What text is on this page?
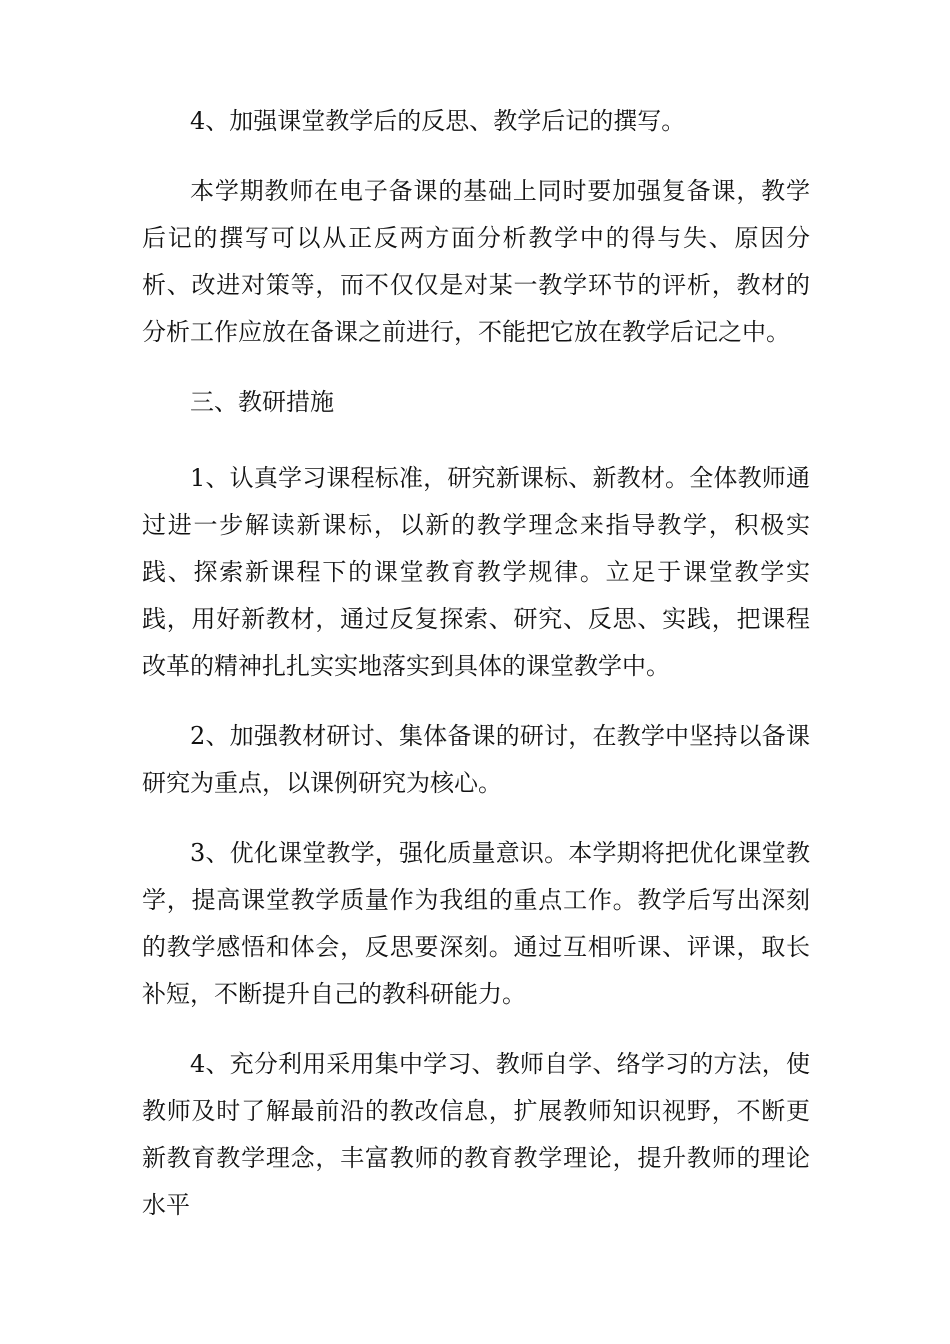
4、加强课堂教学后的反思、教学后记的撰写。

本学期教师在电子备课的基础上同时要加强复备课，教学后记的撰写可以从正反两方面分析教学中的得与失、原因分析、改进对策等，而不仅仅是对某一教学环节的评析，教材的分析工作应放在备课之前进行，不能把它放在教学后记之中。

三、教研措施

1、认真学习课程标准，研究新课标、新教材。全体教师通过进一步解读新课标，以新的教学理念来指导教学，积极实践、探索新课程下的课堂教育教学规律。立足于课堂教学实践，用好新教材，通过反复探索、研究、反思、实践，把课程改革的精神扎扎实实地落实到具体的课堂教学中。

2、加强教材研讨、集体备课的研讨，在教学中坚持以备课研究为重点，以课例研究为核心。

3、优化课堂教学，强化质量意识。本学期将把优化课堂教学，提高课堂教学质量作为我组的重点工作。教学后写出深刻的教学感悟和体会，反思要深刻。通过互相听课、评课，取长补短，不断提升自己的教科研能力。

4、充分利用采用集中学习、教师自学、络学习的方法，使教师及时了解最前沿的教改信息，扩展教师知识视野，不断更新教育教学理念，丰富教师的教育教学理论，提升教师的理论水平
